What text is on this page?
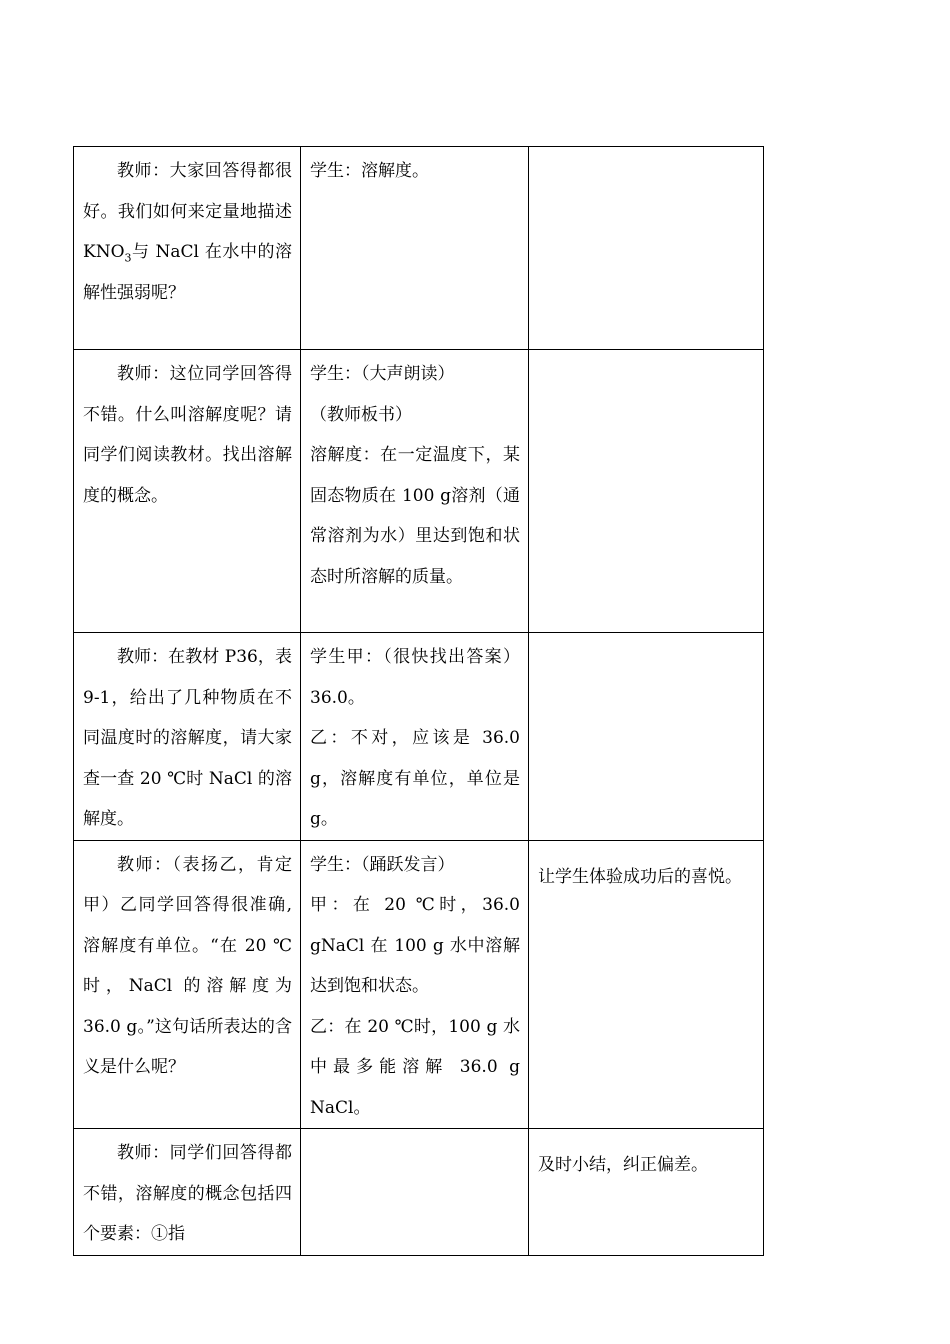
教师：大家回答得都很好。我们如何来定量地描述 $KNO_3$与 NaCl 在水中的溶解性强弱呢？	学生：溶解度。	

教师：这位同学回答得不错。什么叫溶解度呢？请同学们阅读教材。找出溶解度的概念。	学生：（大声朗读）
（教师板书）
溶解度：在一定温度下，某固态物质在 100 g溶剂（通常溶剂为水）里达到饱和状态时所溶解的质量。	

教师：在教材 P36，表 9-1，给出了几种物质在不同温度时的溶解度，请大家查一查 20 ℃时 NaCl 的溶解度。	学生甲：（很快找出答案）36.0。
乙：不对，应该是 36.0 g，溶解度有单位，单位是 g。	

教师：（表扬乙，肯定甲）乙同学回答得很准确,溶解度有单位。“在 20 ℃时，NaCl 的溶解度为 36.0 g。”这句话所表达的含义是什么呢？	学生：（踊跃发言）
甲：在 20 ℃时，36.0 gNaCl 在 100 g 水中溶解达到饱和状态。
乙：在 20 ℃时，100 g 水中最多能溶解 36.0 g NaCl。	让学生体验成功后的喜悦。

教师：同学们回答得都不错，溶解度的概念包括四个要素：①指		及时小结，纠正偏差。
